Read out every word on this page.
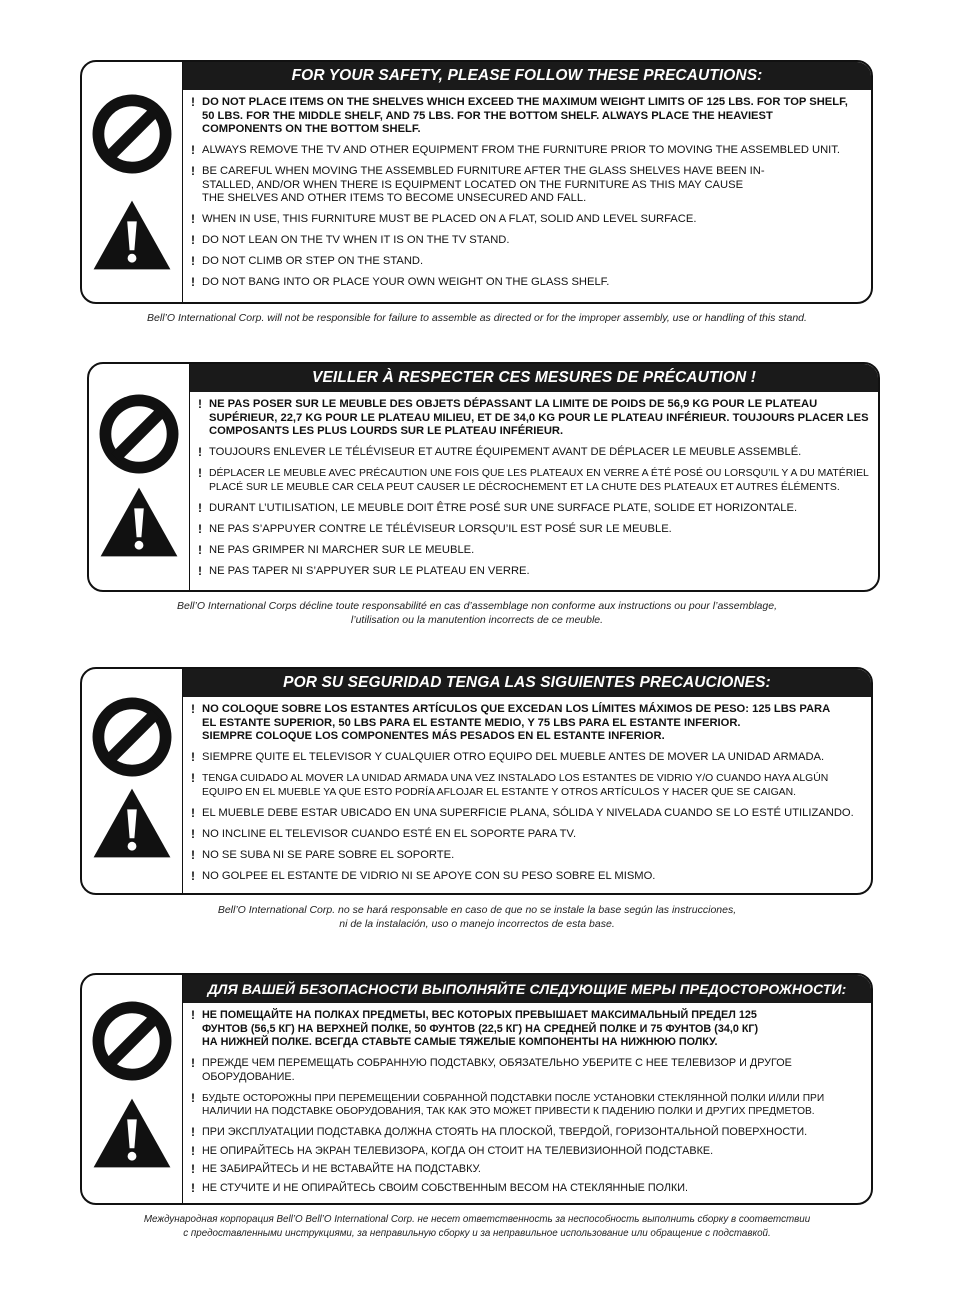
FOR YOUR SAFETY, PLEASE FOLLOW THESE PRECAUTIONS:
! DO NOT PLACE ITEMS ON THE SHELVES WHICH EXCEED THE MAXIMUM WEIGHT LIMITS OF 125 LBS. FOR TOP SHELF,
50 LBS. FOR THE MIDDLE SHELF, AND 75 LBS. FOR THE BOTTOM SHELF. ALWAYS PLACE THE HEAVIEST
COMPONENTS ON THE BOTTOM SHELF.
! ALWAYS REMOVE THE TV AND OTHER EQUIPMENT FROM THE FURNITURE PRIOR TO MOVING THE ASSEMBLED UNIT.
! BE CAREFUL WHEN MOVING THE ASSEMBLED FURNITURE AFTER THE GLASS SHELVES HAVE BEEN IN-
STALLED, AND/OR WHEN THERE IS EQUIPMENT LOCATED ON THE FURNITURE AS THIS MAY CAUSE
THE SHELVES AND OTHER ITEMS TO BECOME UNSECURED AND FALL.
! WHEN IN USE, THIS FURNITURE MUST BE PLACED ON A FLAT, SOLID AND LEVEL SURFACE.
! DO NOT LEAN ON THE TV WHEN IT IS ON THE TV STAND.
! DO NOT CLIMB OR STEP ON THE STAND.
! DO NOT BANG INTO OR PLACE YOUR OWN WEIGHT ON THE GLASS SHELF.
Bell’O International Corp. will not be responsible for failure to assemble as directed or for the improper assembly, use or handling of this stand.
VEILLER À RESPECTER CES MESURES DE PRÉCAUTION !
! NE PAS POSER SUR LE MEUBLE DES OBJETS DÉPASSANT LA LIMITE DE POIDS DE 56,9 KG POUR LE PLATEAU
SUPÉRIEUR, 22,7 KG POUR LE PLATEAU MILIEU, ET DE 34,0 KG POUR LE PLATEAU INFÉRIEUR. TOUJOURS PLACER LES
COMPOSANTS LES PLUS LOURDS SUR LE PLATEAU INFÉRIEUR.
! TOUJOURS ENLEVER LE TÉLÉVISEUR ET AUTRE ÉQUIPEMENT AVANT DE DÉPLACER LE MEUBLE ASSEMBLÉ.
! DÉPLACER LE MEUBLE AVEC PRÉCAUTION UNE FOIS QUE LES PLATEAUX EN VERRE A ÉTÉ POSÉ OU LORSQU’IL Y A DU MATÉRIEL
PLACÉ SUR LE MEUBLE CAR CELA PEUT CAUSER LE DÉCROCHEMENT ET LA CHUTE DES PLATEAUX ET AUTRES ÉLÉMENTS.
! DURANT L’UTILISATION, LE MEUBLE DOIT ÊTRE POSÉ SUR UNE SURFACE PLATE, SOLIDE ET HORIZONTALE.
! NE PAS S’APPUYER CONTRE LE TÉLÉVISEUR LORSQU’IL EST POSÉ SUR LE MEUBLE.
! NE PAS GRIMPER NI MARCHER SUR LE MEUBLE.
! NE PAS TAPER NI S’APPUYER SUR LE PLATEAU EN VERRE.
Bell’O International Corps décline toute responsabilité en cas d’assemblage non conforme aux instructions ou pour l’assemblage,
l’utilisation ou la manutention incorrects de ce meuble.
POR SU SEGURIDAD TENGA LAS SIGUIENTES PRECAUCIONES:
! NO COLOQUE SOBRE LOS ESTANTES ARTÍCULOS QUE EXCEDAN LOS LÍMITES MÁXIMOS DE PESO: 125 LBS PARA
EL ESTANTE SUPERIOR, 50 LBS PARA EL ESTANTE MEDIO, Y 75 LBS PARA EL ESTANTE INFERIOR.
SIEMPRE COLOQUE LOS COMPONENTES MÁS PESADOS EN EL ESTANTE INFERIOR.
! SIEMPRE QUITE EL TELEVISOR Y CUALQUIER OTRO EQUIPO DEL MUEBLE ANTES DE MOVER LA UNIDAD ARMADA.
! TENGA CUIDADO AL MOVER LA UNIDAD ARMADA UNA VEZ INSTALADO LOS ESTANTES DE VIDRIO Y/O CUANDO HAYA ALGÚN
EQUIPO EN EL MUEBLE YA QUE ESTO PODRÍA AFLOJAR EL ESTANTE Y OTROS ARTÍCULOS Y HACER QUE SE CAIGAN.
! EL MUEBLE DEBE ESTAR UBICADO EN UNA SUPERFICIE PLANA, SÓLIDA Y NIVELADA CUANDO SE LO ESTÉ UTILIZANDO.
! NO INCLINE EL TELEVISOR CUANDO ESTÉ EN EL SOPORTE PARA TV.
! NO SE SUBA NI SE PARE SOBRE EL SOPORTE.
! NO GOLPEE EL ESTANTE DE VIDRIO NI SE APOYE CON SU PESO SOBRE EL MISMO.
Bell’O International Corp. no se hará responsable en caso de que no se instale la base según las instrucciones,
ni de la instalación, uso o manejo incorrectos de esta base.
ДЛЯ ВАШЕЙ БЕЗОПАСНОСТИ ВЫПОЛНЯЙТЕ СЛЕДУЮЩИЕ МЕРЫ ПРЕДОСТОРОЖНОСТИ:
! НЕ ПОМЕЩАЙТЕ НА ПОЛКАХ ПРЕДМЕТЫ, ВЕС КОТОРЫХ ПРЕВЫШАЕТ МАКСИМАЛЬНЫЙ ПРЕДЕЛ 125
ФУНТОВ (56,5 КГ) НА ВЕРХНЕЙ ПОЛКЕ, 50 ФУНТОВ (22,5 КГ) НА СРЕДНЕЙ ПОЛКЕ И 75 ФУНТОВ (34,0 КГ)
НА НИЖНЕЙ ПОЛКЕ. ВСЕГДА СТАВЬТЕ САМЫЕ ТЯЖЕЛЫЕ КОМПОНЕНТЫ НА НИЖНЮЮ ПОЛКУ.
! ПРЕЖДЕ ЧЕМ ПЕРЕМЕЩАТЬ СОБРАННУЮ ПОДСТАВКУ, ОБЯЗАТЕЛЬНО УБЕРИТЕ С НЕЕ ТЕЛЕВИЗОР И ДРУГОЕ
ОБОРУДОВАНИЕ.
! БУДЬТЕ ОСТОРОЖНЫ ПРИ ПЕРЕМЕЩЕНИИ СОБРАННОЙ ПОДСТАВКИ ПОСЛЕ УСТАНОВКИ СТЕКЛЯННОЙ ПОЛКИ И/ИЛИ ПРИ
НАЛИЧИИ НА ПОДСТАВКЕ ОБОРУДОВАНИЯ, ТАК КАК ЭТО МОЖЕТ ПРИВЕСТИ К ПАДЕНИЮ ПОЛКИ И ДРУГИХ ПРЕДМЕТОВ.
! ПРИ ЭКСПЛУАТАЦИИ ПОДСТАВКА ДОЛЖНА СТОЯТЬ НА ПЛОСКОЙ, ТВЕРДОЙ, ГОРИЗОНТАЛЬНОЙ ПОВЕРХНОСТИ.
! НЕ ОПИРАЙТЕСЬ НА ЭКРАН ТЕЛЕВИЗОРА, КОГДА ОН СТОИТ НА ТЕЛЕВИЗИОННОЙ ПОДСТАВКЕ.
! НЕ ЗАБИРАЙТЕСЬ И НЕ ВСТАВАЙТЕ НА ПОДСТАВКУ.
! НЕ СТУЧИТЕ И НЕ ОПИРАЙТЕСЬ СВОИМ СОБСТВЕННЫМ ВЕСОМ НА СТЕКЛЯННЫЕ ПОЛКИ.
Международная корпорация Bell’O Bell’O International Corp. не несет ответственность за неспособность выполнить сборку в соответствии
с предоставленными инструкциями, за неправильную сборку и за неправильное использование или обращение с подставкой.
